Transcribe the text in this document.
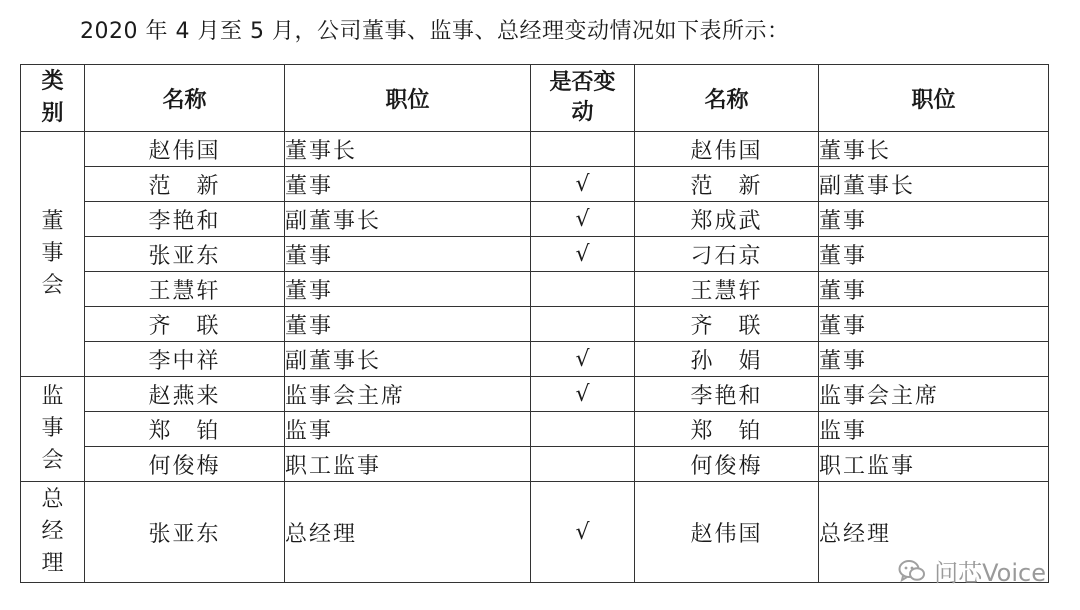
2020 年 4 月至 5 月，公司董事、监事、总经理变动情况如下表所示：
类别	名称	职位	是否变动	名称	职位
董事会	赵伟国	董事长		赵伟国	董事长
	范　新	董事	√	范　新	副董事长
	李艳和	副董事长	√	郑成武	董事
	张亚东	董事	√	刁石京	董事
	王慧轩	董事		王慧轩	董事
	齐　联	董事		齐　联	董事
	李中祥	副董事长	√	孙　娟	董事
监事会	赵燕来	监事会主席	√	李艳和	监事会主席
	郑　铂	监事		郑　铂	监事
	何俊梅	职工监事		何俊梅	职工监事
总经理	张亚东	总经理	√	赵伟国	总经理
问芯Voice
